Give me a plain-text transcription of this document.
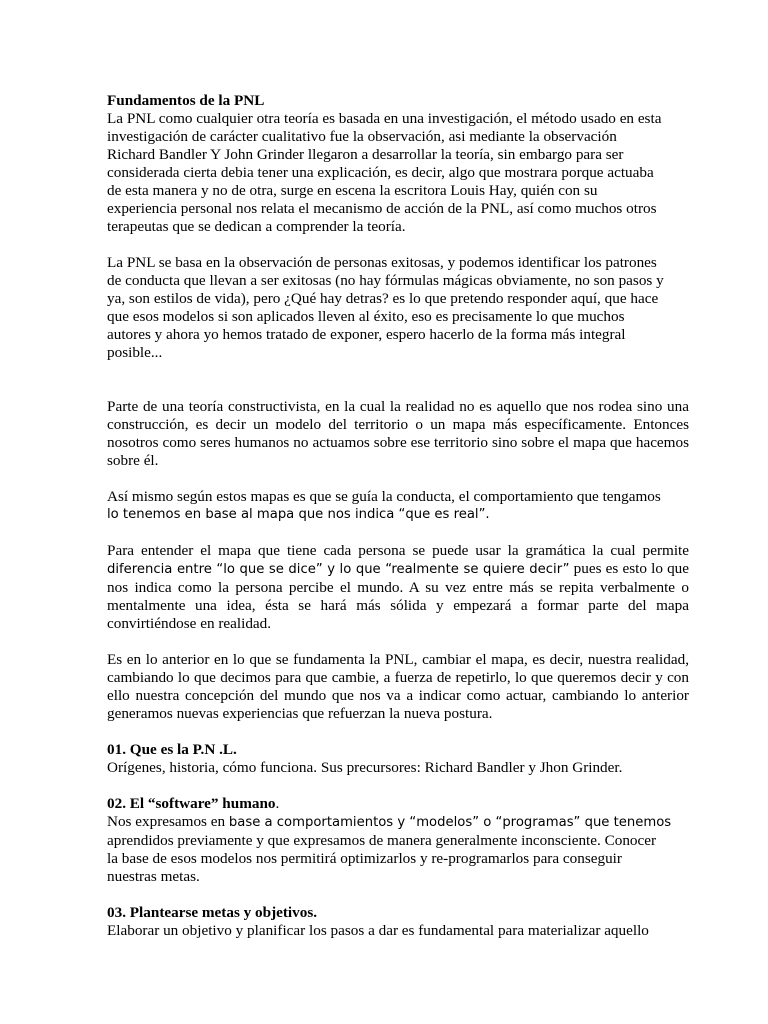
Fundamentos de la PNL
La PNL como cualquier otra teoría es basada en una investigación, el método usado en esta
investigación de carácter cualitativo fue la observación, asi mediante la observación
Richard Bandler Y John Grinder llegaron a desarrollar la teoría, sin embargo para ser
considerada cierta debia tener una explicación, es decir, algo que mostrara porque actuaba
de esta manera y no de otra, surge en escena la escritora Louis Hay, quién con su
experiencia personal nos relata el mecanismo de acción de la PNL, así como muchos otros
terapeutas que se dedican a comprender la teoría.
La PNL se basa en la observación de personas exitosas, y podemos identificar los patrones
de conducta que llevan a ser exitosas (no hay fórmulas mágicas obviamente, no son pasos y
ya, son estilos de vida), pero ¿Qué hay detras? es lo que pretendo responder aquí, que hace
que esos modelos si son aplicados lleven al éxito, eso es precisamente lo que muchos
autores y ahora yo hemos tratado de exponer, espero hacerlo de la forma más integral
posible...

Parte de una teoría constructivista, en la cual la realidad no es aquello que nos rodea sino una construcción, es decir un modelo del territorio o un mapa más específicamente. Entonces nosotros como seres humanos no actuamos sobre ese territorio sino sobre el mapa que hacemos sobre él.

Así mismo según estos mapas es que se guía la conducta, el comportamiento que tengamos
lo tenemos en base al mapa que nos indica “que es real”.

Para entender el mapa que tiene cada persona se puede usar la gramática la cual permite diferencia entre “lo que se dice” y lo que “realmente se quiere decir” pues es esto lo que nos indica como la persona percibe el mundo. A su vez entre más se repita verbalmente o mentalmente una idea, ésta se hará más sólida y empezará a formar parte del mapa convirtiéndose en realidad.

Es en lo anterior en lo que se fundamenta la PNL, cambiar el mapa, es decir, nuestra realidad, cambiando lo que decimos para que cambie, a fuerza de repetirlo, lo que queremos decir y con ello nuestra concepción del mundo que nos va a indicar como actuar, cambiando lo anterior generamos nuevas experiencias que refuerzan la nueva postura.

01. Que es la P.N .L.
Orígenes, historia, cómo funciona. Sus precursores: Richard Bandler y Jhon Grinder.
02. El “software” humano.
Nos expresamos en base a comportamientos y “modelos” o “programas” que tenemos
aprendidos previamente y que expresamos de manera generalmente inconsciente. Conocer
la base de esos modelos nos permitirá optimizarlos y re-programarlos para conseguir
nuestras metas.
03. Plantearse metas y objetivos.
Elaborar un objetivo y planificar los pasos a dar es fundamental para materializar aquello
